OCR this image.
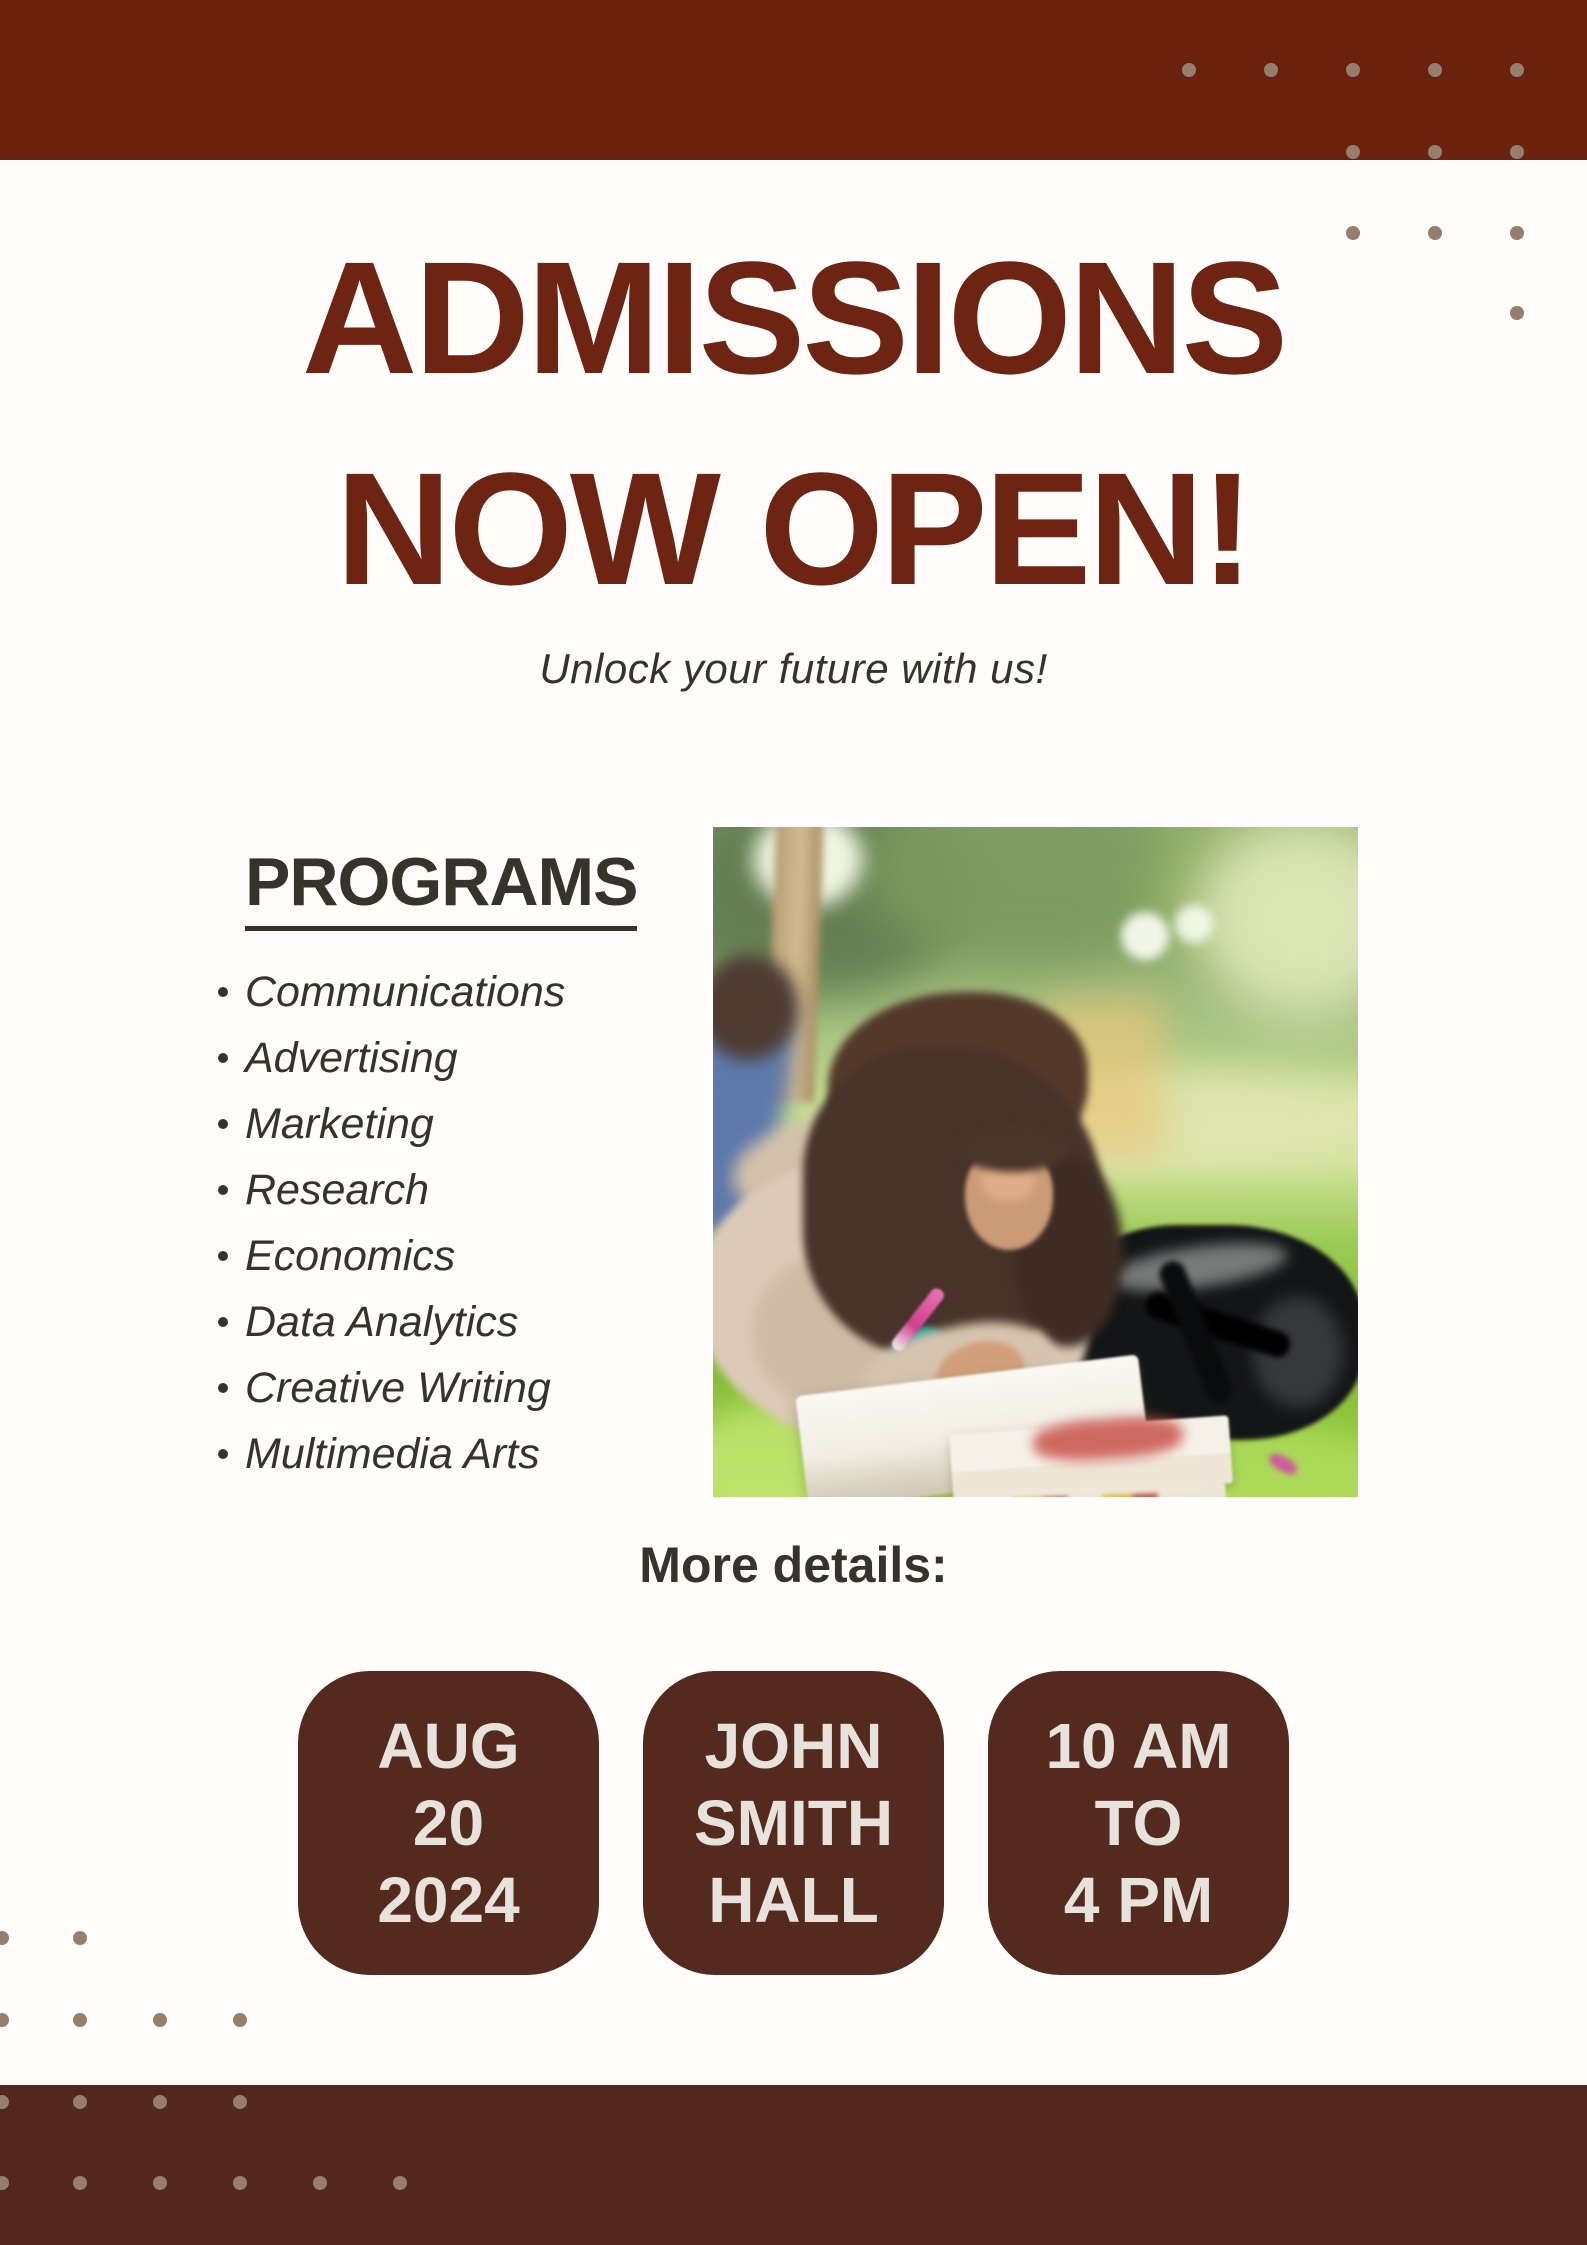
ADMISSIONS
NOW OPEN!
Unlock your future with us!
PROGRAMS
Communications
Advertising
Marketing
Research
Economics
Data Analytics
Creative Writing
Multimedia Arts
More details:
AUG
20
2024
JOHN
SMITH
HALL
10 AM
TO
4 PM
